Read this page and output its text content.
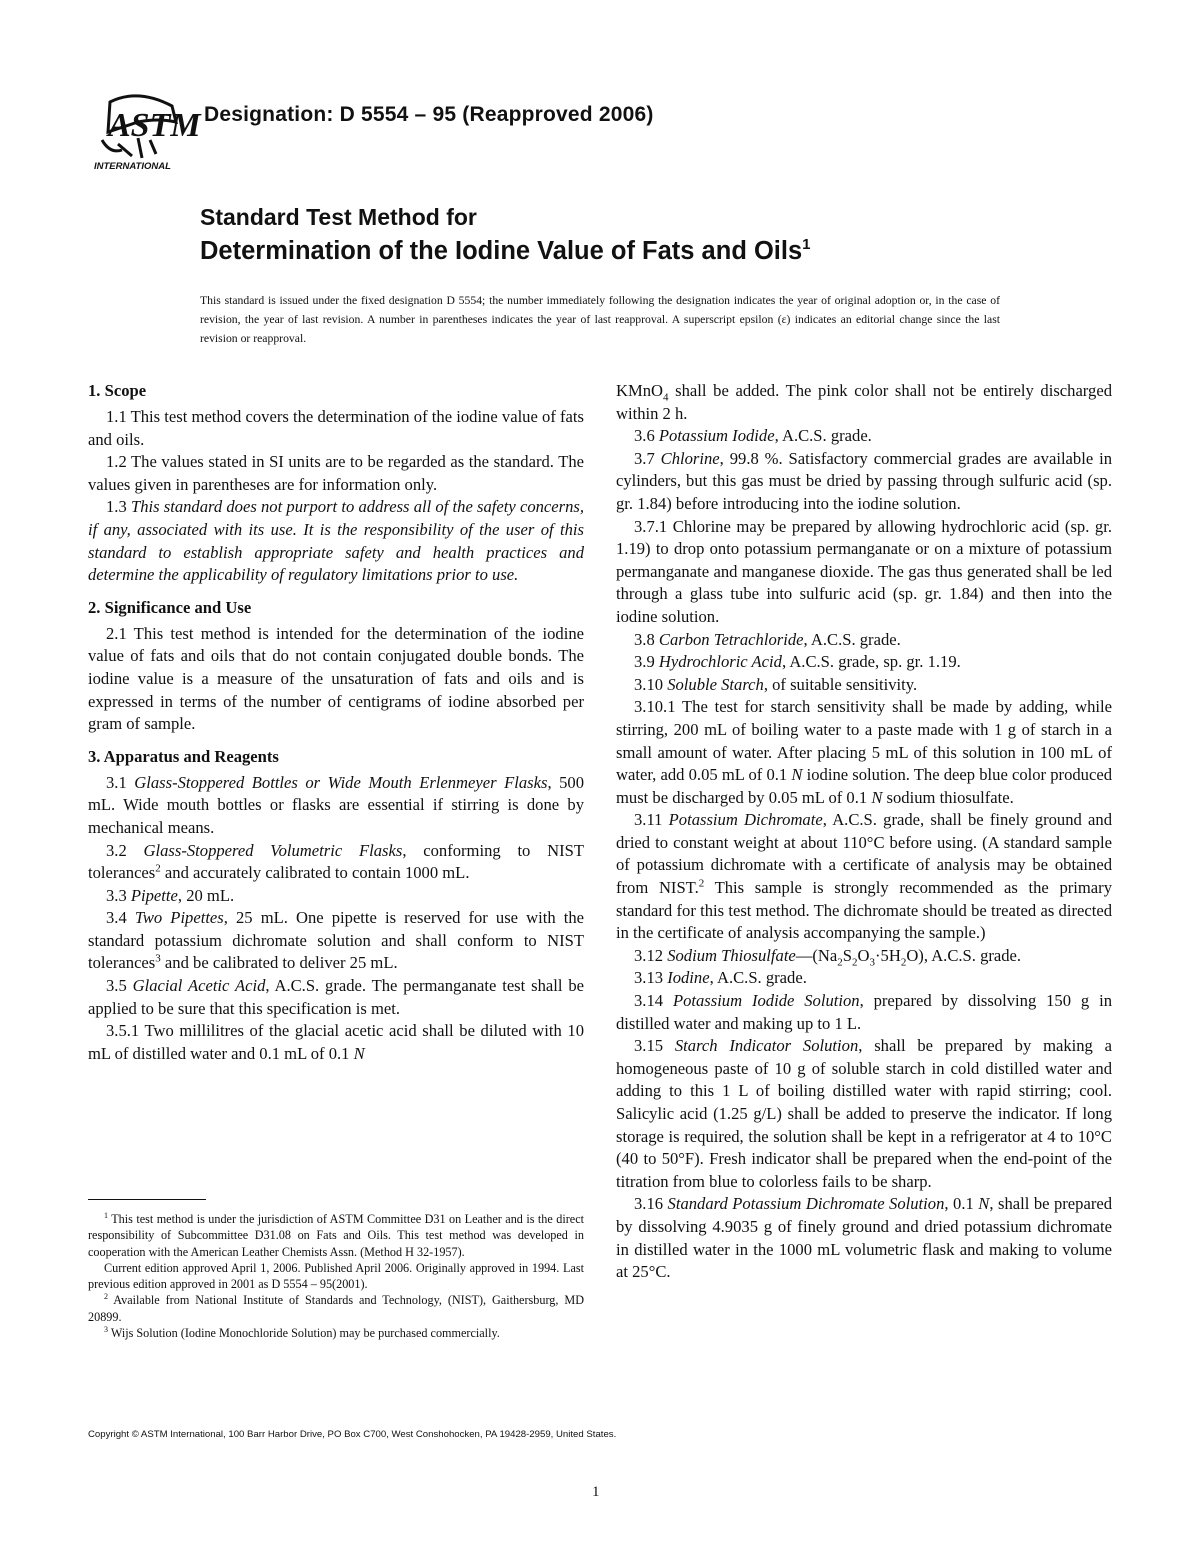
ASTM
INTERNATIONAL
Designation: D 5554 – 95 (Reapproved 2006)
Standard Test Method for
Determination of the Iodine Value of Fats and Oils$^1$
This standard is issued under the fixed designation D 5554; the number immediately following the designation indicates the year of original adoption or, in the case of revision, the year of last revision. A number in parentheses indicates the year of last reapproval. A superscript epsilon (ε) indicates an editorial change since the last revision or reapproval.
1. Scope

1.1 This test method covers the determination of the iodine value of fats and oils.

1.2 The values stated in SI units are to be regarded as the standard. The values given in parentheses are for information only.

1.3 This standard does not purport to address all of the safety concerns, if any, associated with its use. It is the responsibility of the user of this standard to establish appropriate safety and health practices and determine the applicability of regulatory limitations prior to use.

2. Significance and Use

2.1 This test method is intended for the determination of the iodine value of fats and oils that do not contain conjugated double bonds. The iodine value is a measure of the unsaturation of fats and oils and is expressed in terms of the number of centigrams of iodine absorbed per gram of sample.

3. Apparatus and Reagents

3.1 Glass-Stoppered Bottles or Wide Mouth Erlenmeyer Flasks, 500 mL. Wide mouth bottles or flasks are essential if stirring is done by mechanical means.

3.2 Glass-Stoppered Volumetric Flasks, conforming to NIST tolerances$^2$ and accurately calibrated to contain 1000 mL.

3.3 Pipette, 20 mL.

3.4 Two Pipettes, 25 mL. One pipette is reserved for use with the standard potassium dichromate solution and shall conform to NIST tolerances$^3$ and be calibrated to deliver 25 mL.

3.5 Glacial Acetic Acid, A.C.S. grade. The permanganate test shall be applied to be sure that this specification is met.

3.5.1 Two millilitres of the glacial acetic acid shall be diluted with 10 mL of distilled water and 0.1 mL of 0.1 N

KMnO$_4$ shall be added. The pink color shall not be entirely discharged within 2 h.

3.6 Potassium Iodide, A.C.S. grade.

3.7 Chlorine, 99.8 %. Satisfactory commercial grades are available in cylinders, but this gas must be dried by passing through sulfuric acid (sp. gr. 1.84) before introducing into the iodine solution.

3.7.1 Chlorine may be prepared by allowing hydrochloric acid (sp. gr. 1.19) to drop onto potassium permanganate or on a mixture of potassium permanganate and manganese dioxide. The gas thus generated shall be led through a glass tube into sulfuric acid (sp. gr. 1.84) and then into the iodine solution.

3.8 Carbon Tetrachloride, A.C.S. grade.

3.9 Hydrochloric Acid, A.C.S. grade, sp. gr. 1.19.

3.10 Soluble Starch, of suitable sensitivity.

3.10.1 The test for starch sensitivity shall be made by adding, while stirring, 200 mL of boiling water to a paste made with 1 g of starch in a small amount of water. After placing 5 mL of this solution in 100 mL of water, add 0.05 mL of 0.1 N iodine solution. The deep blue color produced must be discharged by 0.05 mL of 0.1 N sodium thiosulfate.

3.11 Potassium Dichromate, A.C.S. grade, shall be finely ground and dried to constant weight at about 110°C before using. (A standard sample of potassium dichromate with a certificate of analysis may be obtained from NIST.$^2$ This sample is strongly recommended as the primary standard for this test method. The dichromate should be treated as directed in the certificate of analysis accompanying the sample.)

3.12 Sodium $Thiosulfate—(Na_2S_2O_3\cdot 5H_2O)$, A.C.S. grade.

3.13 Iodine, A.C.S. grade.

3.14 Potassium Iodide Solution, prepared by dissolving 150 g in distilled water and making up to 1 L.

3.15 Starch Indicator Solution, shall be prepared by making a homogeneous paste of 10 g of soluble starch in cold distilled water and adding to this 1 L of boiling distilled water with rapid stirring; cool. Salicylic acid (1.25 g/L) shall be added to preserve the indicator. If long storage is required, the solution shall be kept in a refrigerator at 4 to 10°C (40 to 50°F). Fresh indicator shall be prepared when the end-point of the titration from blue to colorless fails to be sharp.

3.16 Standard Potassium Dichromate Solution, 0.1 N, shall be prepared by dissolving 4.9035 g of finely ground and dried potassium dichromate in distilled water in the 1000 mL volumetric flask and making to volume at 25°C.

$^1$ This test method is under the jurisdiction of ASTM Committee D31 on Leather and is the direct responsibility of Subcommittee D31.08 on Fats and Oils. This test method was developed in cooperation with the American Leather Chemists Assn. (Method H 32-1957).

Current edition approved April 1, 2006. Published April 2006. Originally approved in 1994. Last previous edition approved in 2001 as D 5554 – 95(2001).

$^2$ Available from National Institute of Standards and Technology, (NIST), Gaithersburg, MD 20899.

$^3$ Wijs Solution (Iodine Monochloride Solution) may be purchased commercially.

Copyright © ASTM International, 100 Barr Harbor Drive, PO Box C700, West Conshohocken, PA 19428-2959, United States.
1
